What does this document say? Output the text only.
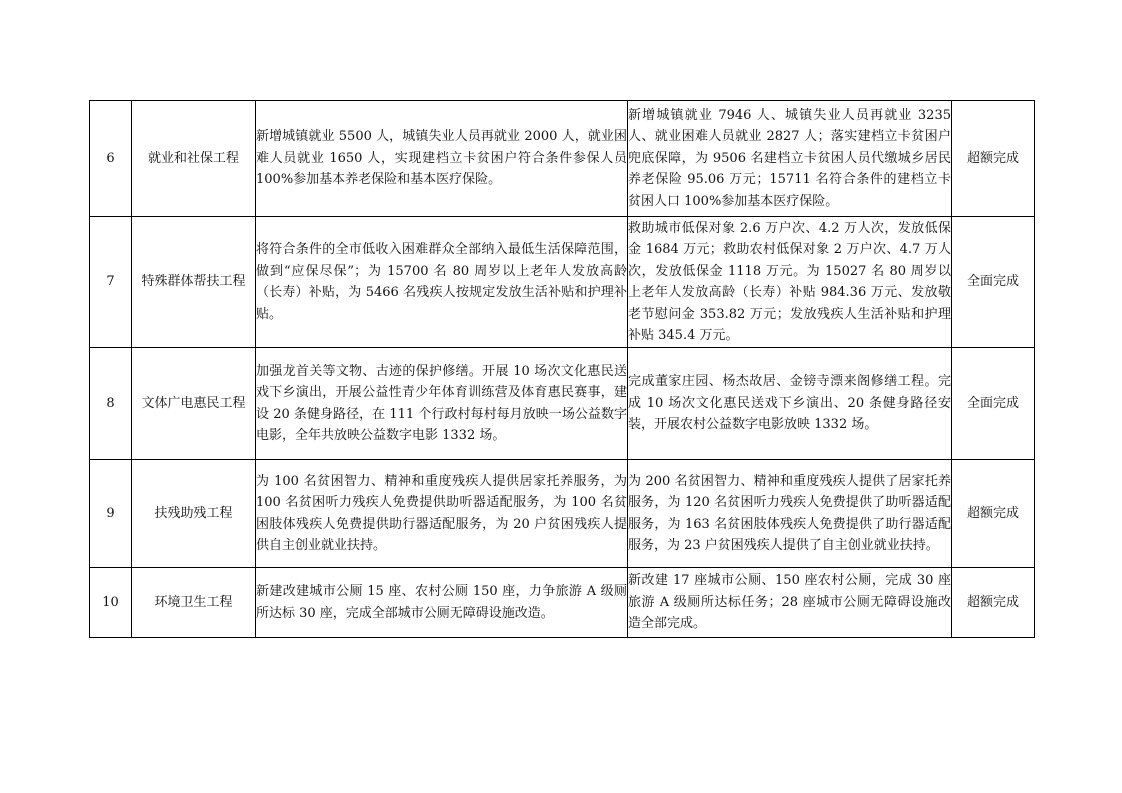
6	就业和社保工程	新增城镇就业 5500 人，城镇失业人员再就业 2000 人，就业困难人员就业 1650 人，实现建档立卡贫困户符合条件参保人员 100%参加基本养老保险和基本医疗保险。	新增城镇就业 7946 人、城镇失业人员再就业 3235 人、就业困难人员就业 2827 人；落实建档立卡贫困户兜底保障，为 9506 名建档立卡贫困人员代缴城乡居民养老保险 95.06 万元；15711 名符合条件的建档立卡贫困人口 100%参加基本医疗保险。	超额完成
7	特殊群体帮扶工程	将符合条件的全市低收入困难群众全部纳入最低生活保障范围，做到“应保尽保”；为 15700 名 80 周岁以上老年人发放高龄（长寿）补贴，为 5466 名残疾人按规定发放生活补贴和护理补贴。	救助城市低保对象 2.6 万户次、4.2 万人次，发放低保金 1684 万元；救助农村低保对象 2 万户次、4.7 万人次，发放低保金 1118 万元。为 15027 名 80 周岁以上老年人发放高龄（长寿）补贴 984.36 万元、发放敬老节慰问金 353.82 万元；发放残疾人生活补贴和护理补贴 345.4 万元。	全面完成
8	文体广电惠民工程	加强龙首关等文物、古迹的保护修缮。开展 10 场次文化惠民送戏下乡演出，开展公益性青少年体育训练营及体育惠民赛事，建设 20 条健身路径，在 111 个行政村每村每月放映一场公益数字电影，全年共放映公益数字电影 1332 场。	完成董家庄园、杨杰故居、金镑寺漂来阁修缮工程。完成 10 场次文化惠民送戏下乡演出、20 条健身路径安装，开展农村公益数字电影放映 1332 场。	全面完成
9	扶残助残工程	为 100 名贫困智力、精神和重度残疾人提供居家托养服务，为 100 名贫困听力残疾人免费提供助听器适配服务，为 100 名贫困肢体残疾人免费提供助行器适配服务，为 20 户贫困残疾人提供自主创业就业扶持。	为 200 名贫困智力、精神和重度残疾人提供了居家托养服务，为 120 名贫困听力残疾人免费提供了助听器适配服务，为 163 名贫困肢体残疾人免费提供了助行器适配服务，为 23 户贫困残疾人提供了自主创业就业扶持。	超额完成
10	环境卫生工程	新建改建城市公厕 15 座、农村公厕 150 座，力争旅游 A 级厕所达标 30 座，完成全部城市公厕无障碍设施改造。	新改建 17 座城市公厕、150 座农村公厕，完成 30 座旅游 A 级厕所达标任务；28 座城市公厕无障碍设施改造全部完成。	超额完成
